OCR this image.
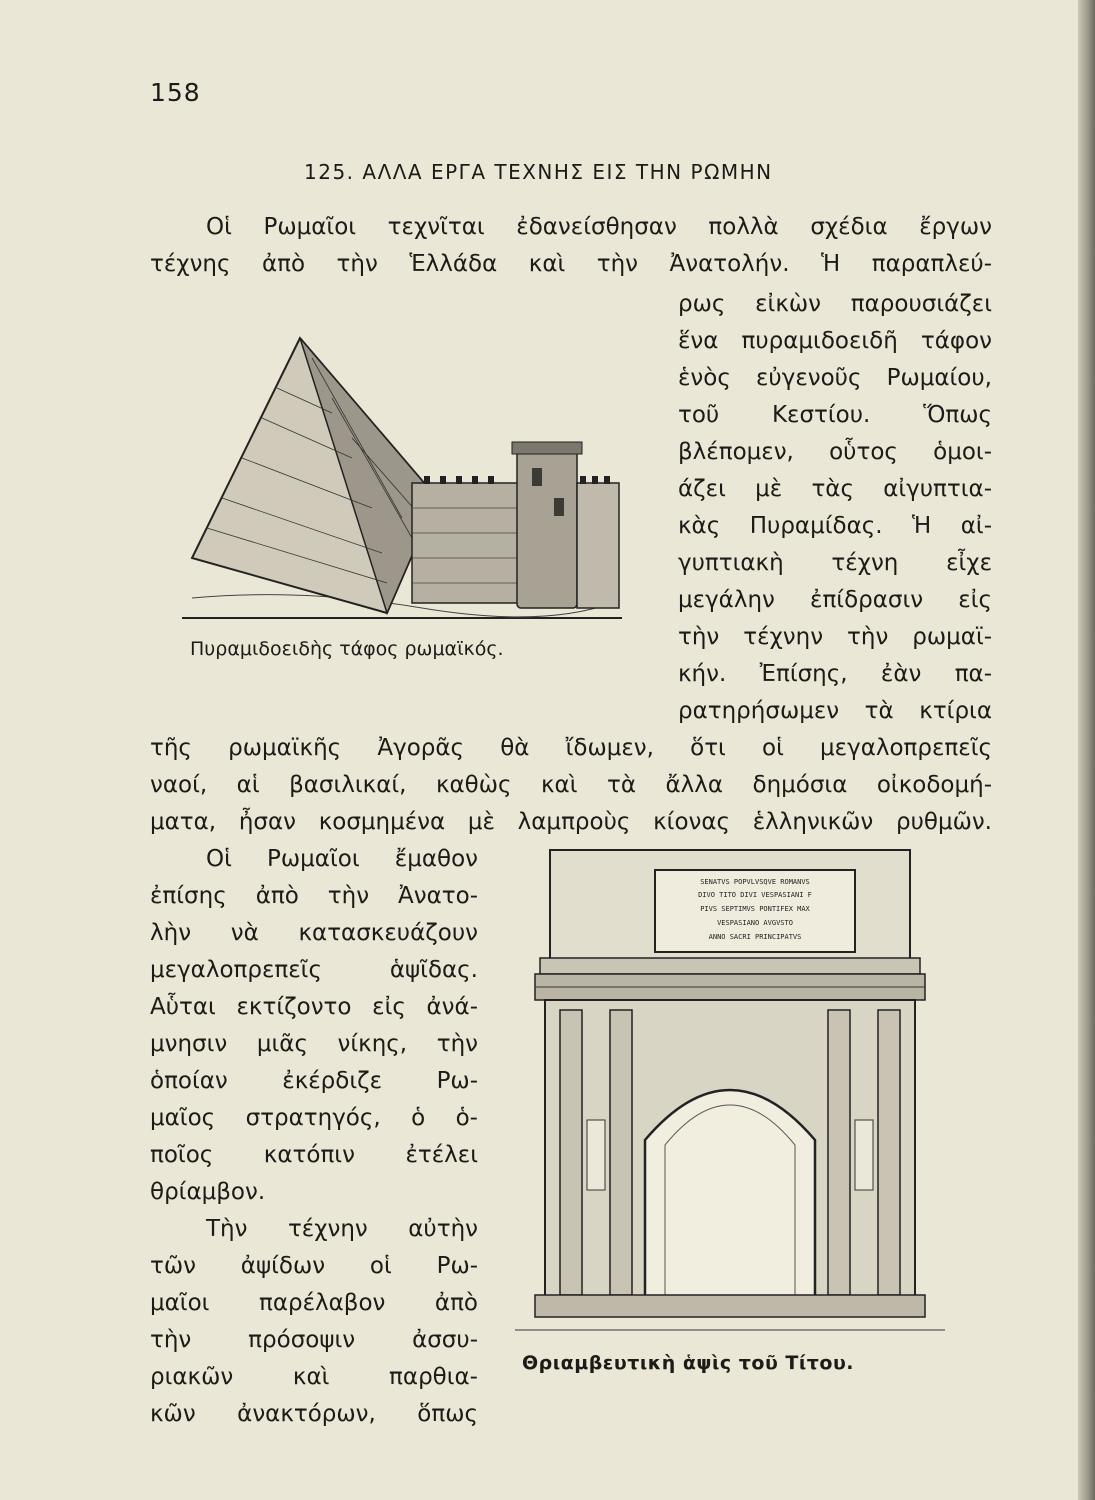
158
125. ΑΛΛΑ ΕΡΓΑ ΤΕΧΝΗΣ ΕΙΣ ΤΗΝ ΡΩΜΗΝ
Οἱ Ρωμαῖοι τεχνῖται ἐδανείσθησαν πολλὰ σχέδια ἔργων
τέχνης ἀπὸ τὴν Ἑλλάδα καὶ τὴν Ἀνατολήν. Ἡ παραπλεύ-
ρως εἰκὼν παρουσιάζει
ἕνα πυραμιδοειδῆ τάφον
ἑνὸς εὐγενοῦς Ρωμαίου,
τοῦ Κεστίου. Ὅπως
βλέπομεν, οὗτος ὁμοι-
άζει μὲ τὰς αἰγυπτια-
κὰς Πυραμίδας. Ἡ αἰ-
γυπτιακὴ τέχνη εἶχε
μεγάλην ἐπίδρασιν εἰς
τὴν τέχνην τὴν ρωμαϊ-
κήν. Ἐπίσης, ἐὰν πα-
ρατηρήσωμεν τὰ κτίρια
τῆς ρωμαϊκῆς Ἀγορᾶς θὰ ἴδωμεν, ὅτι οἱ μεγαλοπρεπεῖς
ναοί, αἱ βασιλικαί, καθὼς καὶ τὰ ἄλλα δημόσια οἰκοδομή-
ματα, ἦσαν κοσμημένα μὲ λαμπροὺς κίονας ἑλληνικῶν ρυθμῶν.
Οἱ Ρωμαῖοι ἔμαθον
ἐπίσης ἀπὸ τὴν Ἀνατο-
λὴν νὰ κατασκευάζουν
μεγαλοπρεπεῖς ἁψῖδας.
Αὗται εκτίζοντο εἰς ἀνά-
μνησιν μιᾶς νίκης, τὴν
ὁποίαν ἐκέρδιζε Ρω-
μαῖος στρατηγός, ὁ ὁ-
ποῖος κατόπιν ἐτέλει
θρίαμβον.
Τὴν τέχνην αὐτὴν
τῶν ἀψίδων οἱ Ρω-
μαῖοι παρέλαβον ἀπὸ
τὴν πρόσοψιν ἀσσυ-
ριακῶν καὶ παρθια-
κῶν ἀνακτόρων, ὅπως
Πυραμιδοειδὴς τάφος ρωμαϊκός.
SENATVS POPVLVSQVE ROMANVS
DIVO TITO DIVI VESPASIANI F
PIVS SEPTIMVS PONTIFEX MAX
VESPASIANO AVGVSTO
ANNO SACRI PRINCIPATVS
Θριαμβευτικὴ ἁψὶς τοῦ Τίτου.
